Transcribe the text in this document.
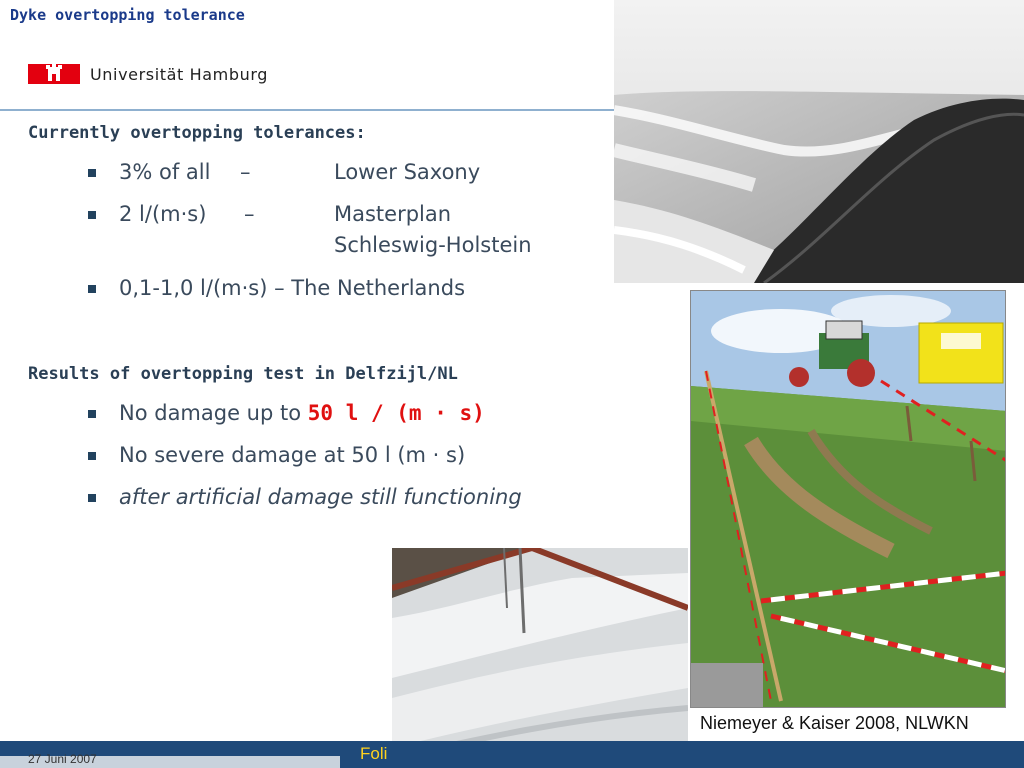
Dyke overtopping tolerance
Universität Hamburg
Currently overtopping tolerances:
3% of all –	Lower Saxony
2 l/(m·s) –	Masterplan
Schleswig-Holstein
0,1-1,0 l/(m·s) – The Netherlands
Results of overtopping test in Delfzijl/NL
No damage up to 50 l / (m · s)
No severe damage at 50 l (m · s)
after artificial damage still functioning
27 Juni 2007	Foli
Niemeyer & Kaiser 2008, NLWKN
